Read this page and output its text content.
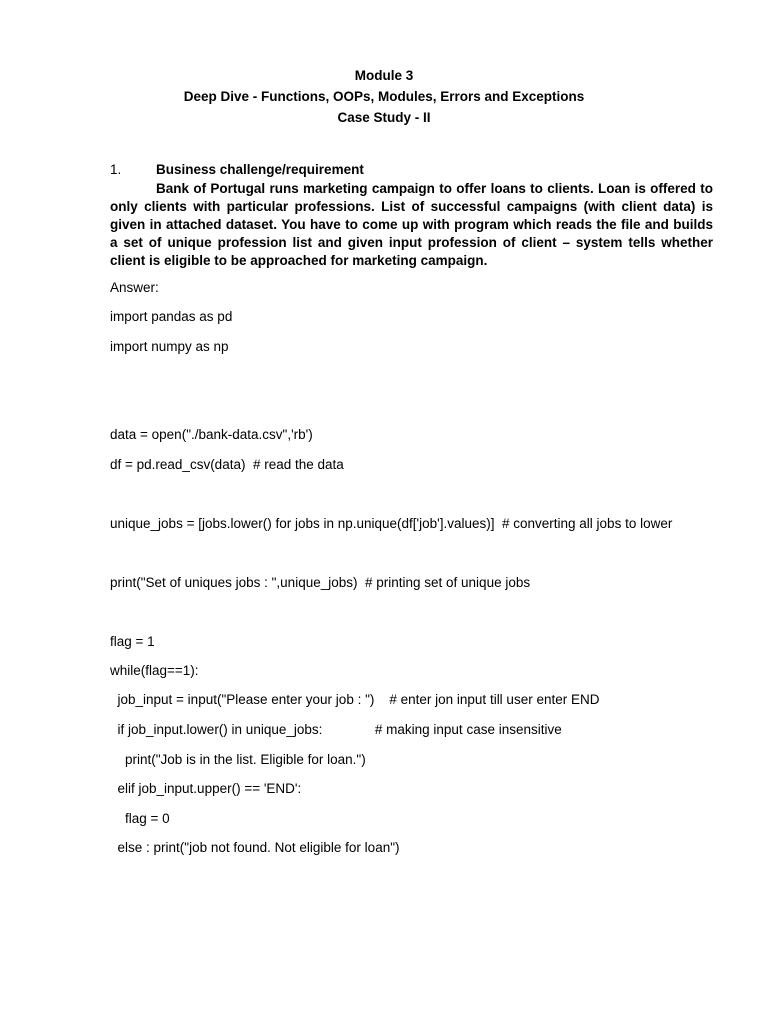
Module 3
Deep Dive - Functions, OOPs, Modules, Errors and Exceptions
Case Study - II
1.	Business challenge/requirement
Bank of Portugal runs marketing campaign to offer loans to clients. Loan is offered to only clients with particular professions. List of successful campaigns (with client data) is given in attached dataset. You have to come up with program which reads the file and builds a set of unique profession list and given input profession of client – system tells whether client is eligible to be approached for marketing campaign.
Answer:
import pandas as pd
import numpy as np
data = open("./bank-data.csv",'rb')
df = pd.read_csv(data)  # read the data
unique_jobs = [jobs.lower() for jobs in np.unique(df['job'].values)]  # converting all jobs to lower
print("Set of uniques jobs : ",unique_jobs)  # printing set of unique jobs
flag = 1
while(flag==1):
job_input = input("Please enter your job : ")    # enter jon input till user enter END
if job_input.lower() in unique_jobs:              # making input case insensitive
print("Job is in the list. Eligible for loan.")
elif job_input.upper() == 'END':
flag = 0
else : print("job not found. Not eligible for loan")
